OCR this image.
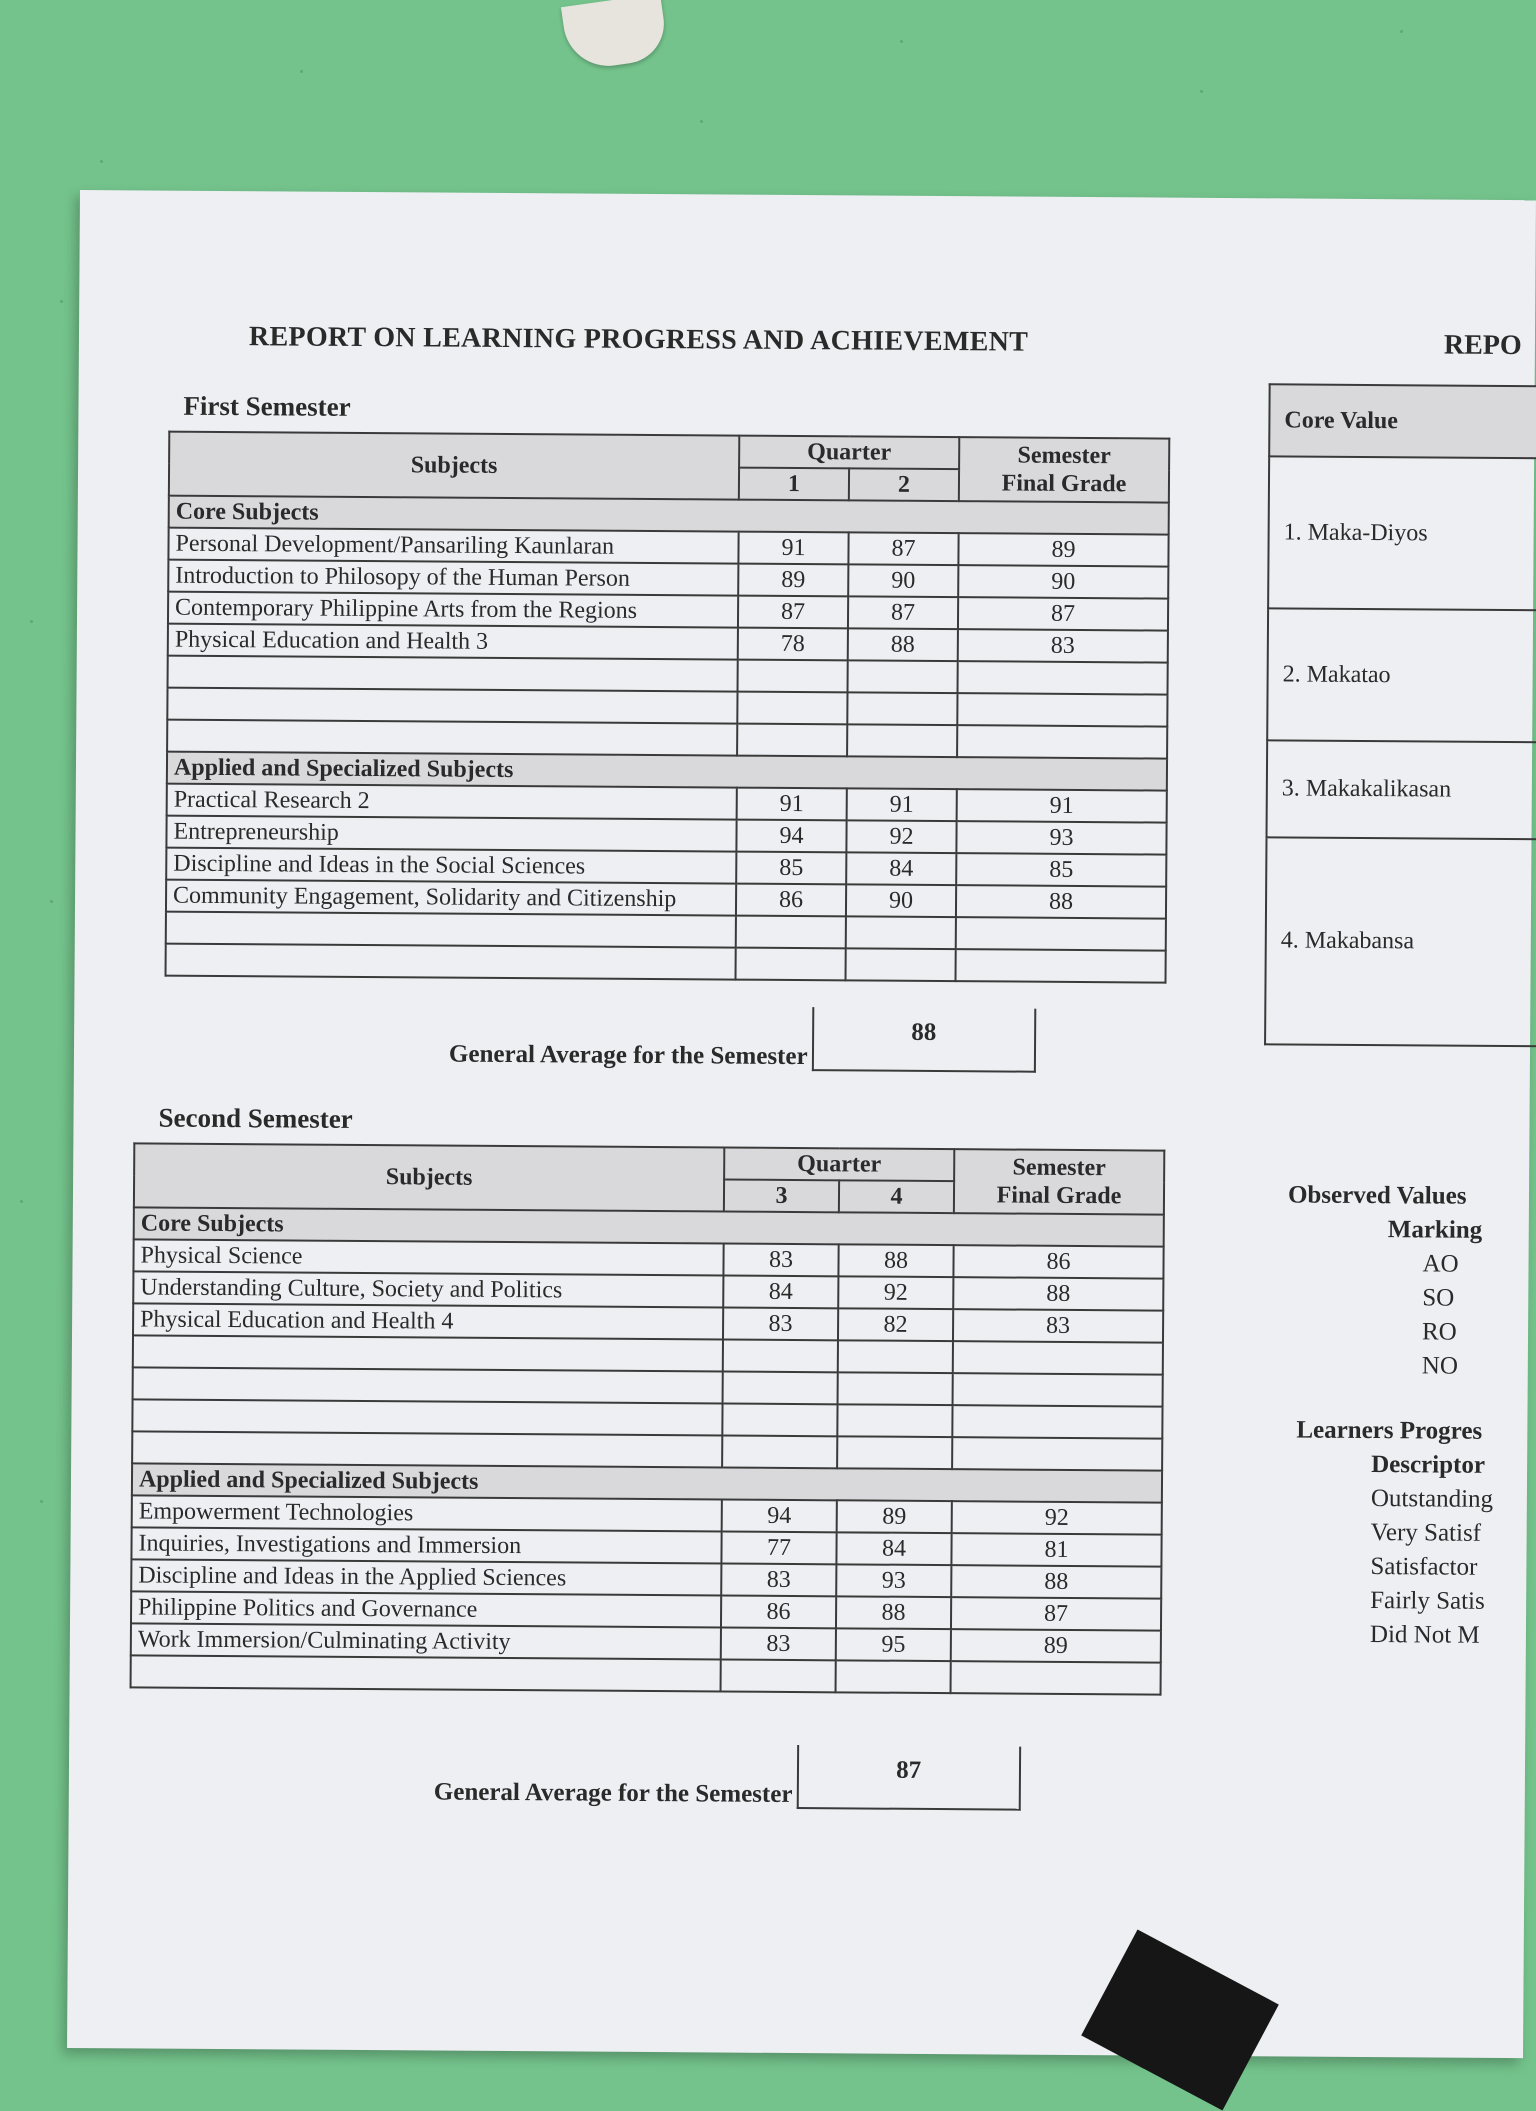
REPORT ON LEARNING PROGRESS AND ACHIEVEMENT
First Semester
Subjects	Quarter		Semester
Final Grade
	1	2	
Core Subjects			
Personal Development/Pansariling Kaunlaran	91	87	89
Introduction to Philosopy of the Human Person	89	90	90
Contemporary Philippine Arts from the Regions	87	87	87
Physical Education and Health 3	78	88	83

Applied and Specialized Subjects			
Practical Research 2	91	91	91
Entrepreneurship	94	92	93
Discipline and Ideas in the Social Sciences	85	84	85
Community Engagement, Solidarity and Citizenship	86	90	88

General Average for the Semester
88
Second Semester
Subjects	Quarter		Semester
Final Grade
	3	4	
Core Subjects			
Physical Science	83	88	86
Understanding Culture, Society and Politics	84	92	88
Physical Education and Health 4	83	82	83

Applied and Specialized Subjects			
Empowerment Technologies	94	89	92
Inquiries, Investigations and Immersion	77	84	81
Discipline and Ideas in the Applied Sciences	83	93	88
Philippine Politics and Governance	86	88	87
Work Immersion/Culminating Activity	83	95	89

General Average for the Semester
87
REPO
Core Value
1. Maka-Diyos
2. Makatao
3. Makakalikasan
4. Makabansa
Observed Values
Marking
AO
SO
RO
NO
Learners Progres
Descriptor
Outstanding
Very Satisf
Satisfactor
Fairly Satis
Did Not M
